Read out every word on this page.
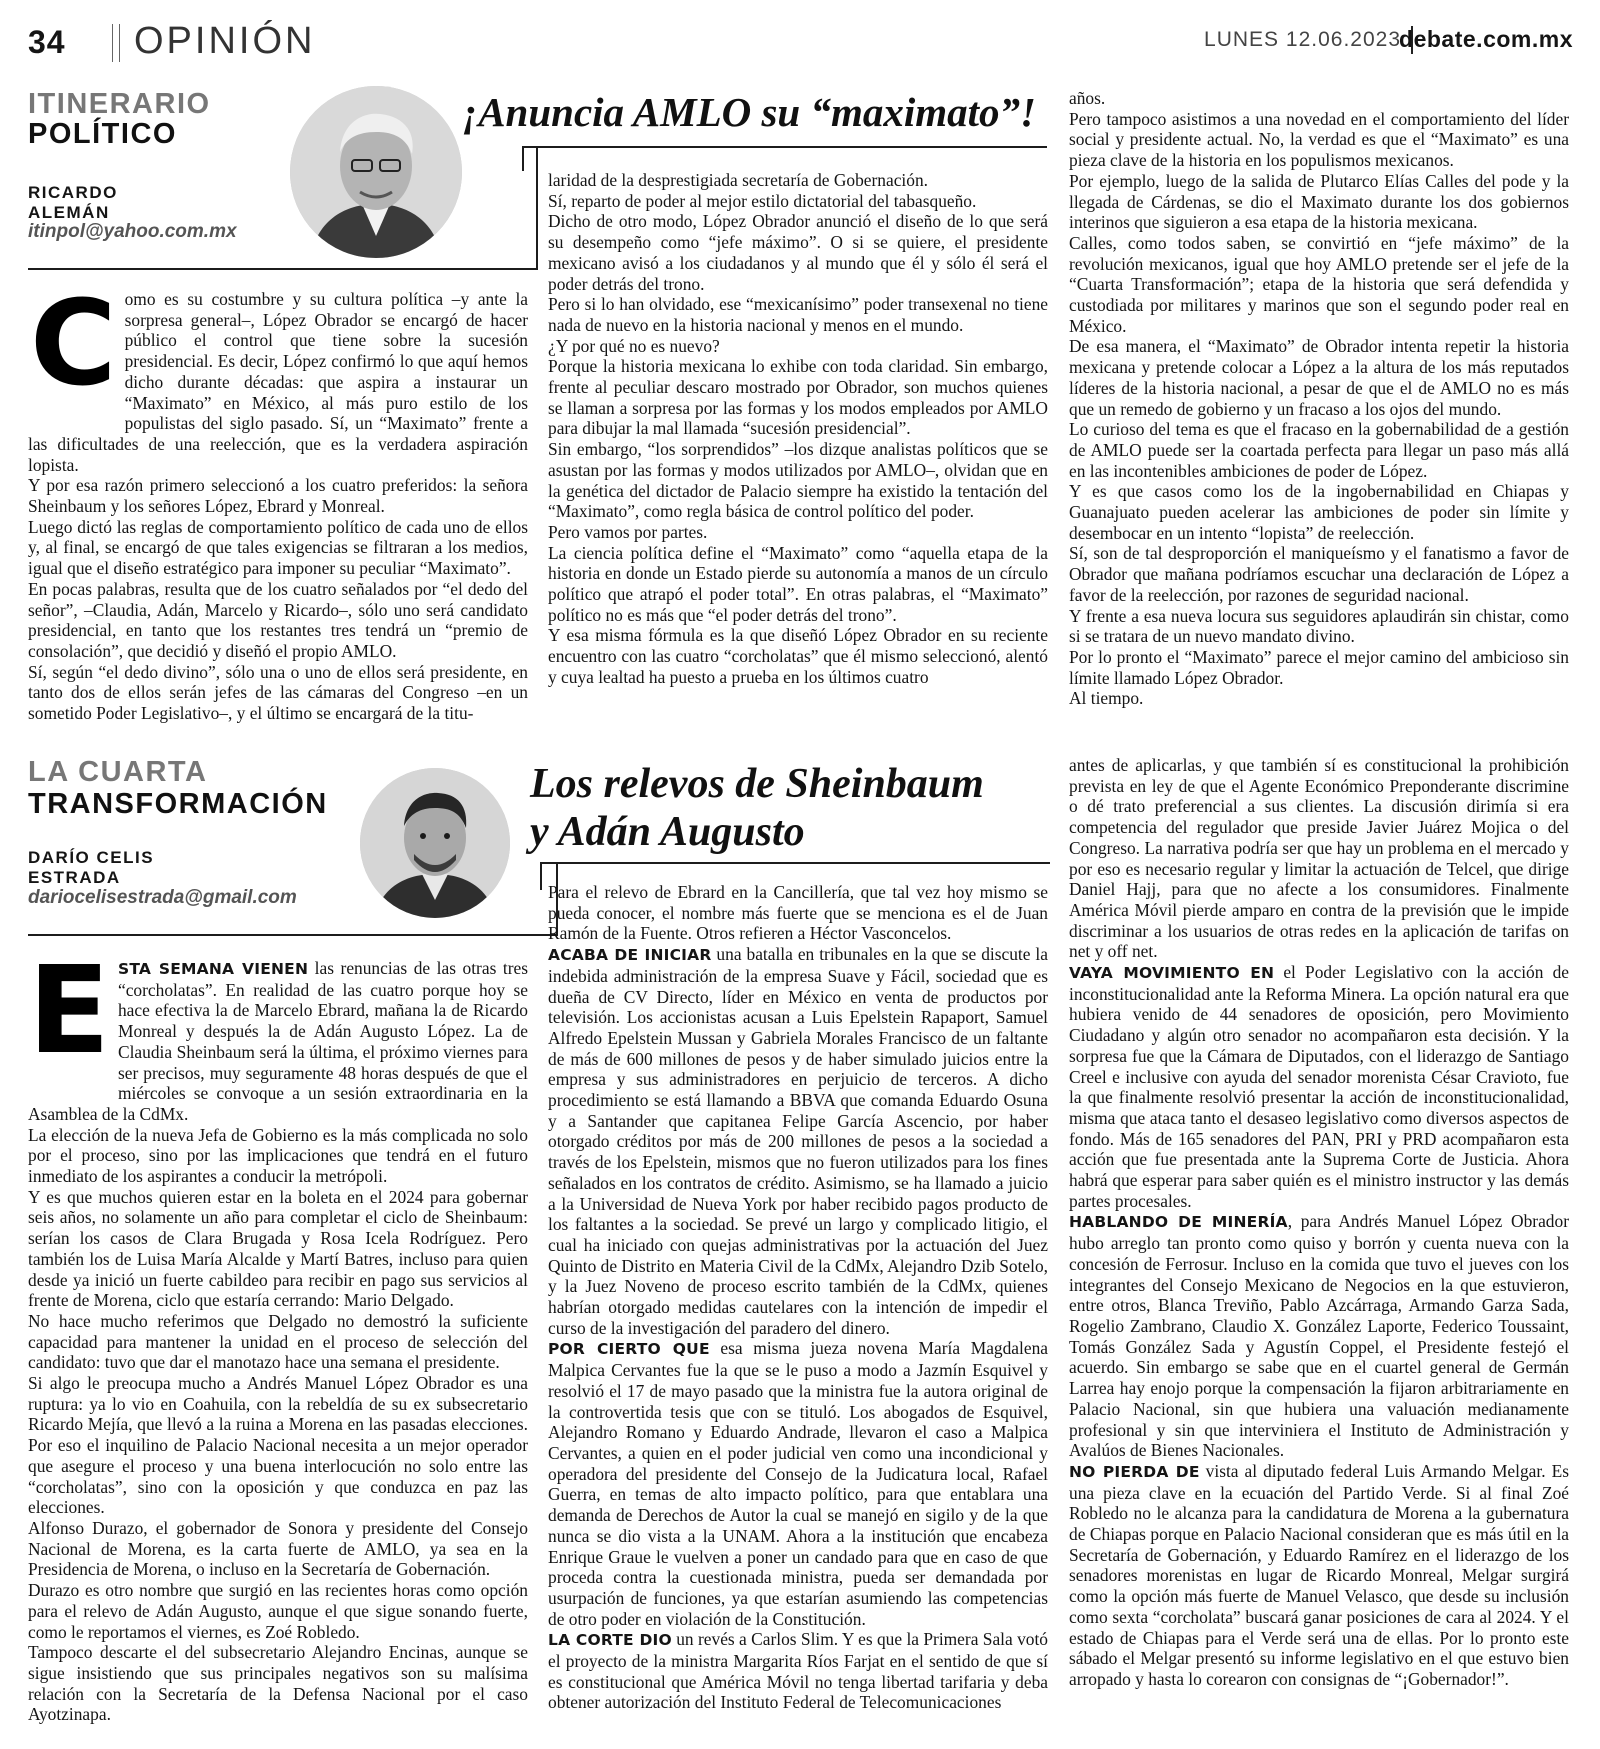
34 OPINIÓN	LUNES 12.06.2023
debate.com.mx
ITINERARIO
POLÍTICO
RICARDO
ALEMÁN
itinpol@yahoo.com.mx
¡Anuncia AMLO su “maximato”!

Como es su costumbre y su cultura política –y ante la sorpresa general–, López Obrador se encargó de hacer público el control que tiene sobre la sucesión presidencial. Es decir, López confirmó lo que aquí hemos dicho durante décadas: que aspira a instaurar un “Maximato” en México, al más puro estilo de los populistas del siglo pasado. Sí, un “Maximato” frente a las dificultades de una reelección, que es la verdadera aspiración lopista.

Y por esa razón primero seleccionó a los cuatro preferidos: la señora Sheinbaum y los señores López, Ebrard y Monreal.

Luego dictó las reglas de comportamiento político de cada uno de ellos y, al final, se encargó de que tales exigencias se filtraran a los medios, igual que el diseño estratégico para imponer su peculiar “Maximato”.

En pocas palabras, resulta que de los cuatro señalados por “el dedo del señor”, –Claudia, Adán, Marcelo y Ricardo–, sólo uno será candidato presidencial, en tanto que los restantes tres tendrá un “premio de consolación”, que decidió y diseñó el propio AMLO.

Sí, según “el dedo divino”, sólo una o uno de ellos será presidente, en tanto dos de ellos serán jefes de las cámaras del Congreso –en un sometido Poder Legislativo–, y el último se encargará de la titu-

laridad de la desprestigiada secretaría de Gobernación.

Sí, reparto de poder al mejor estilo dictatorial del tabasqueño.

Dicho de otro modo, López Obrador anunció el diseño de lo que será su desempeño como “jefe máximo”. O si se quiere, el presidente mexicano avisó a los ciudadanos y al mundo que él y sólo él será el poder detrás del trono.

Pero si lo han olvidado, ese “mexicanísimo” poder transexenal no tiene nada de nuevo en la historia nacional y menos en el mundo.

¿Y por qué no es nuevo?

Porque la historia mexicana lo exhibe con toda claridad. Sin embargo, frente al peculiar descaro mostrado por Obrador, son muchos quienes se llaman a sorpresa por las formas y los modos empleados por AMLO para dibujar la mal llamada “sucesión presidencial”.

Sin embargo, “los sorprendidos” –los dizque analistas políticos que se asustan por las formas y modos utilizados por AMLO–, olvidan que en la genética del dictador de Palacio siempre ha existido la tentación del “Maximato”, como regla básica de control político del poder.

Pero vamos por partes.

La ciencia política define el “Maximato” como “aquella etapa de la historia en donde un Estado pierde su autonomía a manos de un círculo político que atrapó el poder total”. En otras palabras, el “Maximato” político no es más que “el poder detrás del trono”.

Y esa misma fórmula es la que diseñó López Obrador en su reciente encuentro con las cuatro “corcholatas” que él mismo seleccionó, alentó y cuya lealtad ha puesto a prueba en los últimos cuatro

años.

Pero tampoco asistimos a una novedad en el comportamiento del líder social y presidente actual. No, la verdad es que el “Maximato” es una pieza clave de la historia en los populismos mexicanos.

Por ejemplo, luego de la salida de Plutarco Elías Calles del pode y la llegada de Cárdenas, se dio el Maximato durante los dos gobiernos interinos que siguieron a esa etapa de la historia mexicana.

Calles, como todos saben, se convirtió en “jefe máximo” de la revolución mexicanos, igual que hoy AMLO pretende ser el jefe de la “Cuarta Transformación”; etapa de la historia que será defendida y custodiada por militares y marinos que son el segundo poder real en México.

De esa manera, el “Maximato” de Obrador intenta repetir la historia mexicana y pretende colocar a López a la altura de los más reputados líderes de la historia nacional, a pesar de que el de AMLO no es más que un remedo de gobierno y un fracaso a los ojos del mundo.

Lo curioso del tema es que el fracaso en la gobernabilidad de a gestión de AMLO puede ser la coartada perfecta para llegar un paso más allá en las incontenibles ambiciones de poder de López.

Y es que casos como los de la ingobernabilidad en Chiapas y Guanajuato pueden acelerar las ambiciones de poder sin límite y desembocar en un intento “lopista” de reelección.

Sí, son de tal desproporción el maniqueísmo y el fanatismo a favor de Obrador que mañana podríamos escuchar una declaración de López a favor de la reelección, por razones de seguridad nacional.

Y frente a esa nueva locura sus seguidores aplaudirán sin chistar, como si se tratara de un nuevo mandato divino.

Por lo pronto el “Maximato” parece el mejor camino del ambicioso sin límite llamado López Obrador.

Al tiempo.

LA CUARTA
TRANSFORMACIÓN
DARÍO CELIS
ESTRADA
dariocelisestrada@gmail.com
Los relevos de Sheinbaum
y Adán Augusto

ESTA SEMANA VIENEN las renuncias de las otras tres “corcholatas”. En realidad de las cuatro porque hoy se hace efectiva la de Marcelo Ebrard, mañana la de Ricardo Monreal y después la de Adán Augusto López. La de Claudia Sheinbaum será la última, el próximo viernes para ser precisos, muy seguramente 48 horas después de que el miércoles se convoque a un sesión extraordinaria en la Asamblea de la CdMx.

La elección de la nueva Jefa de Gobierno es la más complicada no solo por el proceso, sino por las implicaciones que tendrá en el futuro inmediato de los aspirantes a conducir la metrópoli.

Y es que muchos quieren estar en la boleta en el 2024 para gobernar seis años, no solamente un año para completar el ciclo de Sheinbaum: serían los casos de Clara Brugada y Rosa Icela Rodríguez. Pero también los de Luisa María Alcalde y Martí Batres, incluso para quien desde ya inició un fuerte cabildeo para recibir en pago sus servicios al frente de Morena, ciclo que estaría cerrando: Mario Delgado.

No hace mucho referimos que Delgado no demostró la suficiente capacidad para mantener la unidad en el proceso de selección del candidato: tuvo que dar el manotazo hace una semana el presidente.

Si algo le preocupa mucho a Andrés Manuel López Obrador es una ruptura: ya lo vio en Coahuila, con la rebeldía de su ex subsecretario Ricardo Mejía, que llevó a la ruina a Morena en las pasadas elecciones. Por eso el inquilino de Palacio Nacional necesita a un mejor operador que asegure el proceso y una buena interlocución no solo entre las “corcholatas”, sino con la oposición y que conduzca en paz las elecciones.

Alfonso Durazo, el gobernador de Sonora y presidente del Consejo Nacional de Morena, es la carta fuerte de AMLO, ya sea en la Presidencia de Morena, o incluso en la Secretaría de Gobernación.

Durazo es otro nombre que surgió en las recientes horas como opción para el relevo de Adán Augusto, aunque el que sigue sonando fuerte, como le reportamos el viernes, es Zoé Robledo.

Tampoco descarte el del subsecretario Alejandro Encinas, aunque se sigue insistiendo que sus principales negativos son su malísima relación con la Secretaría de la Defensa Nacional por el caso Ayotzinapa.

Para el relevo de Ebrard en la Cancillería, que tal vez hoy mismo se pueda conocer, el nombre más fuerte que se menciona es el de Juan Ramón de la Fuente. Otros refieren a Héctor Vasconcelos.

ACABA DE INICIAR una batalla en tribunales en la que se discute la indebida administración de la empresa Suave y Fácil, sociedad que es dueña de CV Directo, líder en México en venta de productos por televisión. Los accionistas acusan a Luis Epelstein Rapaport, Samuel Alfredo Epelstein Mussan y Gabriela Morales Francisco de un faltante de más de 600 millones de pesos y de haber simulado juicios entre la empresa y sus administradores en perjuicio de terceros. A dicho procedimiento se está llamando a BBVA que comanda Eduardo Osuna y a Santander que capitanea Felipe García Ascencio, por haber otorgado créditos por más de 200 millones de pesos a la sociedad a través de los Epelstein, mismos que no fueron utilizados para los fines señalados en los contratos de crédito. Asimismo, se ha llamado a juicio a la Universidad de Nueva York por haber recibido pagos producto de los faltantes a la sociedad. Se prevé un largo y complicado litigio, el cual ha iniciado con quejas administrativas por la actuación del Juez Quinto de Distrito en Materia Civil de la CdMx, Alejandro Dzib Sotelo, y la Juez Noveno de proceso escrito también de la CdMx, quienes habrían otorgado medidas cautelares con la intención de impedir el curso de la investigación del paradero del dinero.

POR CIERTO QUE esa misma jueza novena María Magdalena Malpica Cervantes fue la que se le puso a modo a Jazmín Esquivel y resolvió el 17 de mayo pasado que la ministra fue la autora original de la controvertida tesis que con se tituló. Los abogados de Esquivel, Alejandro Romano y Eduardo Andrade, llevaron el caso a Malpica Cervantes, a quien en el poder judicial ven como una incondicional y operadora del presidente del Consejo de la Judicatura local, Rafael Guerra, en temas de alto impacto político, para que entablara una demanda de Derechos de Autor la cual se manejó en sigilo y de la que nunca se dio vista a la UNAM. Ahora a la institución que encabeza Enrique Graue le vuelven a poner un candado para que en caso de que proceda contra la cuestionada ministra, pueda ser demandada por usurpación de funciones, ya que estarían asumiendo las competencias de otro poder en violación de la Constitución.

LA CORTE DIO un revés a Carlos Slim. Y es que la Primera Sala votó el proyecto de la ministra Margarita Ríos Farjat en el sentido de que sí es constitucional que América Móvil no tenga libertad tarifaria y deba obtener autorización del Instituto Federal de Telecomunicaciones

antes de aplicarlas, y que también sí es constitucional la prohibición prevista en ley de que el Agente Económico Preponderante discrimine o dé trato preferencial a sus clientes. La discusión dirimía si era competencia del regulador que preside Javier Juárez Mojica o del Congreso. La narrativa podría ser que hay un problema en el mercado y por eso es necesario regular y limitar la actuación de Telcel, que dirige Daniel Hajj, para que no afecte a los consumidores. Finalmente América Móvil pierde amparo en contra de la previsión que le impide discriminar a los usuarios de otras redes en la aplicación de tarifas on net y off net.

VAYA MOVIMIENTO EN el Poder Legislativo con la acción de inconstitucionalidad ante la Reforma Minera. La opción natural era que hubiera venido de 44 senadores de oposición, pero Movimiento Ciudadano y algún otro senador no acompañaron esta decisión. Y la sorpresa fue que la Cámara de Diputados, con el liderazgo de Santiago Creel e inclusive con ayuda del senador morenista César Cravioto, fue la que finalmente resolvió presentar la acción de inconstitucionalidad, misma que ataca tanto el desaseo legislativo como diversos aspectos de fondo. Más de 165 senadores del PAN, PRI y PRD acompañaron esta acción que fue presentada ante la Suprema Corte de Justicia. Ahora habrá que esperar para saber quién es el ministro instructor y las demás partes procesales.

HABLANDO DE MINERÍA, para Andrés Manuel López Obrador hubo arreglo tan pronto como quiso y borrón y cuenta nueva con la concesión de Ferrosur. Incluso en la comida que tuvo el jueves con los integrantes del Consejo Mexicano de Negocios en la que estuvieron, entre otros, Blanca Treviño, Pablo Azcárraga, Armando Garza Sada, Rogelio Zambrano, Claudio X. González Laporte, Federico Toussaint, Tomás González Sada y Agustín Coppel, el Presidente festejó el acuerdo. Sin embargo se sabe que en el cuartel general de Germán Larrea hay enojo porque la compensación la fijaron arbitrariamente en Palacio Nacional, sin que hubiera una valuación medianamente profesional y sin que interviniera el Instituto de Administración y Avalúos de Bienes Nacionales.

NO PIERDA DE vista al diputado federal Luis Armando Melgar. Es una pieza clave en la ecuación del Partido Verde. Si al final Zoé Robledo no le alcanza para la candidatura de Morena a la gubernatura de Chiapas porque en Palacio Nacional consideran que es más útil en la Secretaría de Gobernación, y Eduardo Ramírez en el liderazgo de los senadores morenistas en lugar de Ricardo Monreal, Melgar surgirá como la opción más fuerte de Manuel Velasco, que desde su inclusión como sexta “corcholata” buscará ganar posiciones de cara al 2024. Y el estado de Chiapas para el Verde será una de ellas. Por lo pronto este sábado el Melgar presentó su informe legislativo en el que estuvo bien arropado y hasta lo corearon con consignas de “¡Gobernador!”.
